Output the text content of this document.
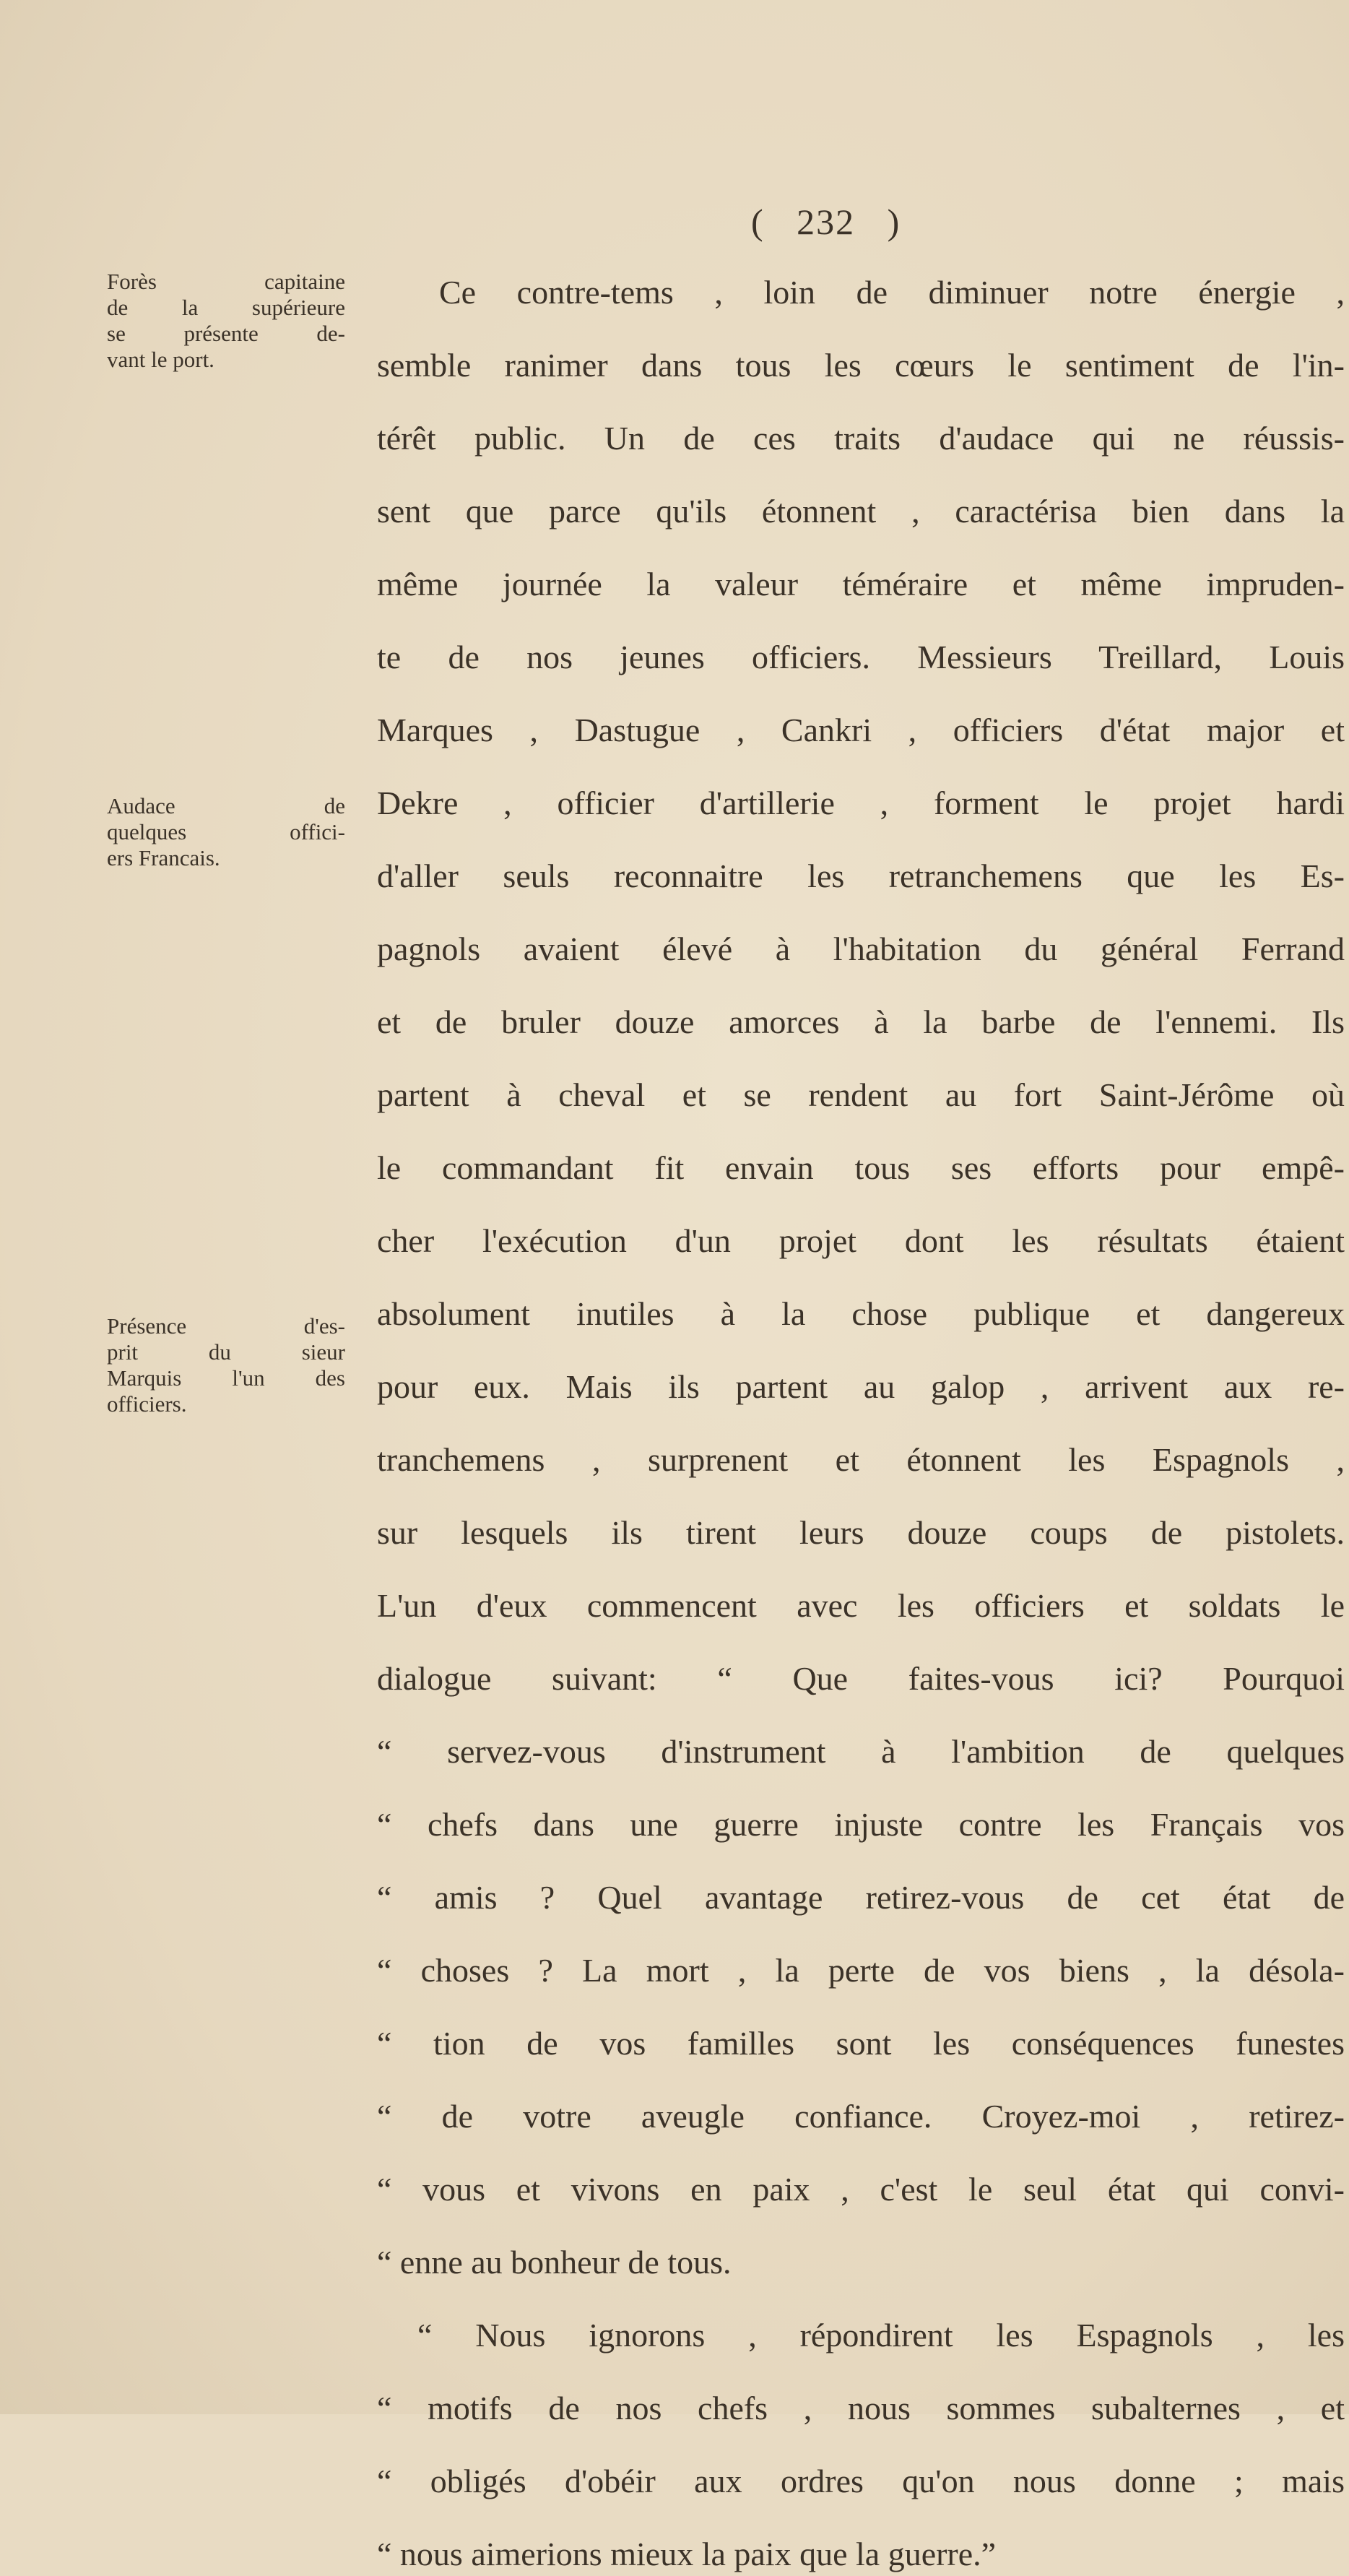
( 232 )
Forès capitaine
de la supérieure
se présente de-
vant le port.
Audace de
quelques offici-
ers Francais.
Présence d'es-
prit du sieur
Marquis l'un des
officiers.
Ce contre-tems , loin de diminuer notre énergie ,
semble ranimer dans tous les cœurs le sentiment de l'in-
térêt public. Un de ces traits d'audace qui ne réussis-
sent que parce qu'ils étonnent , caractérisa bien dans la
même journée la valeur téméraire et même impruden-
te de nos jeunes officiers. Messieurs Treillard, Louis
Marques , Dastugue , Cankri , officiers d'état major et
Dekre , officier d'artillerie , forment le projet hardi
d'aller seuls reconnaitre les retranchemens que les Es-
pagnols avaient élevé à l'habitation du général Ferrand
et de bruler douze amorces à la barbe de l'ennemi. Ils
partent à cheval et se rendent au fort Saint-Jérôme où
le commandant fit envain tous ses efforts pour empê-
cher l'exécution d'un projet dont les résultats étaient
absolument inutiles à la chose publique et dangereux
pour eux. Mais ils partent au galop , arrivent aux re-
tranchemens , surprenent et étonnent les Espagnols ,
sur lesquels ils tirent leurs douze coups de pistolets.
L'un d'eux commencent avec les officiers et soldats le
dialogue suivant: “ Que faites-vous ici? Pourquoi
“ servez-vous d'instrument à l'ambition de quelques
“ chefs dans une guerre injuste contre les Français vos
“ amis ? Quel avantage retirez-vous de cet état de
“ choses ? La mort , la perte de vos biens , la désola-
“ tion de vos familles sont les conséquences funestes
“ de votre aveugle confiance. Croyez-moi , retirez-
“ vous et vivons en paix , c'est le seul état qui convi-
“ enne au bonheur de tous.
“ Nous ignorons , répondirent les Espagnols , les
“ motifs de nos chefs , nous sommes subalternes , et
“ obligés d'obéir aux ordres qu'on nous donne ; mais
“ nous aimerions mieux la paix que la guerre.”
